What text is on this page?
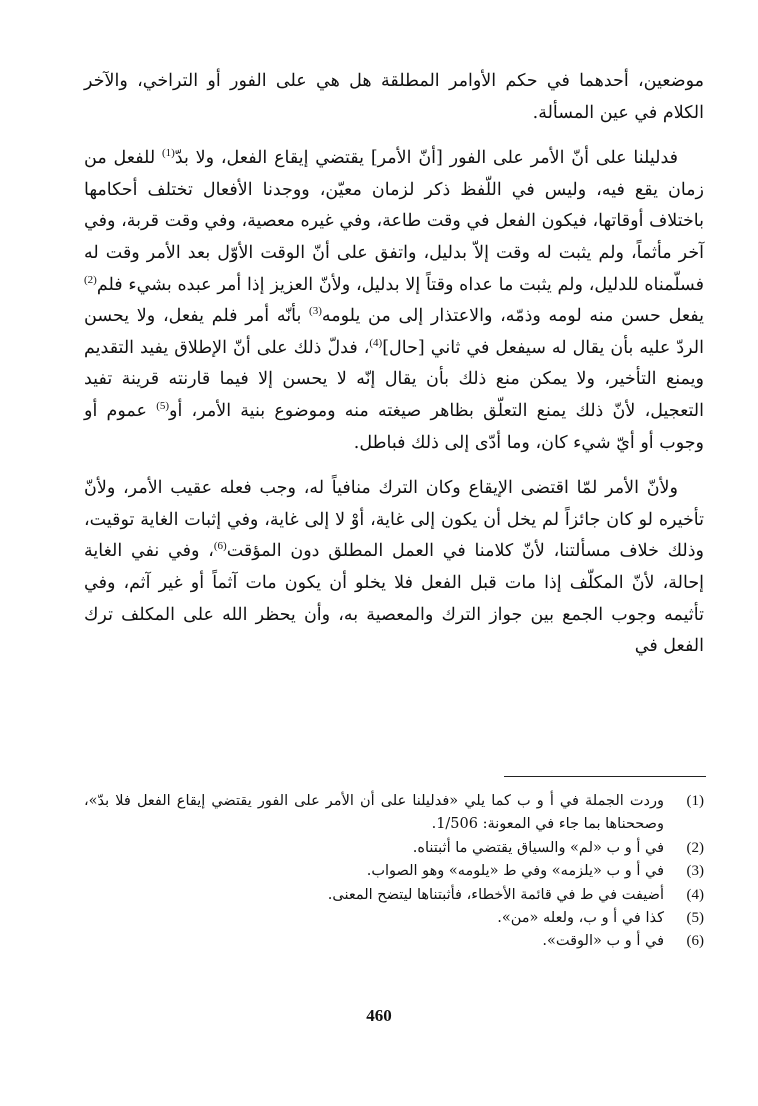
موضعين، أحدهما في حكم الأوامر المطلقة هل هي على الفور أو التراخي، والآخر الكلام في عين المسألة.

فدليلنا على أنّ الأمر على الفور [أنّ الأمر] يقتضي إيقاع الفعل، ولا بدّ$^{(1)}$ للفعل من زمان يقع فيه، وليس في اللّفظ ذكر لزمان معيّن، ووجدنا الأفعال تختلف أحكامها باختلاف أوقاتها، فيكون الفعل في وقت طاعة، وفي غيره معصية، وفي وقت قربة، وفي آخر مأثماً، ولم يثبت له وقت إلاّ بدليل، واتفق على أنّ الوقت الأوّل بعد الأمر وقت له فسلّمناه للدليل، ولم يثبت ما عداه وقتاً إلا بدليل، ولأنّ العزيز إذا أمر عبده بشيء فلم$^{(2)}$ يفعل حسن منه لومه وذمّه، والاعتذار إلى من يلومه$^{(3)}$ بأنّه أمر فلم يفعل، ولا يحسن الردّ عليه بأن يقال له سيفعل في ثاني [حال]$^{(4)}$، فدلّ ذلك على أنّ الإطلاق يفيد التقديم ويمنع التأخير، ولا يمكن منع ذلك بأن يقال إنّه لا يحسن إلا فيما قارنته قرينة تفيد التعجيل، لأنّ ذلك يمنع التعلّق بظاهر صيغته منه وموضوع بنية الأمر، أو$^{(5)}$ عموم أو وجوب أو أيّ شيء كان، وما أدّى إلى ذلك فباطل.

ولأنّ الأمر لمّا اقتضى الإيقاع وكان الترك منافياً له، وجب فعله عقيب الأمر، ولأنّ تأخيره لو كان جائزاً لم يخل أن يكون إلى غاية، أوْ لا إلى غاية، وفي إثبات الغاية توقيت، وذلك خلاف مسألتنا، لأنّ كلامنا في العمل المطلق دون المؤقت$^{(6)}$، وفي نفي الغاية إحالة، لأنّ المكلّف إذا مات قبل الفعل فلا يخلو أن يكون مات آثماً أو غير آثم، وفي تأثيمه وجوب الجمع بين جواز الترك والمعصية به، وأن يحظر الله على المكلف ترك الفعل في

(1)
وردت الجملة في أ و ب كما يلي «فدليلنا على أن الأمر على الفور يقتضي إيقاع الفعل فلا بدّ»، وصححناها بما جاء في المعونة: 1/506.
(2)
في أ و ب «لم» والسياق يقتضي ما أثبتناه.
(3)
في أ و ب «يلزمه» وفي ط «يلومه» وهو الصواب.
(4)
أضيفت في ط في قائمة الأخطاء، فأثبتناها ليتضح المعنى.
(5)
كذا في أ و ب، ولعله «من».
(6)
في أ و ب «الوقت».
460
